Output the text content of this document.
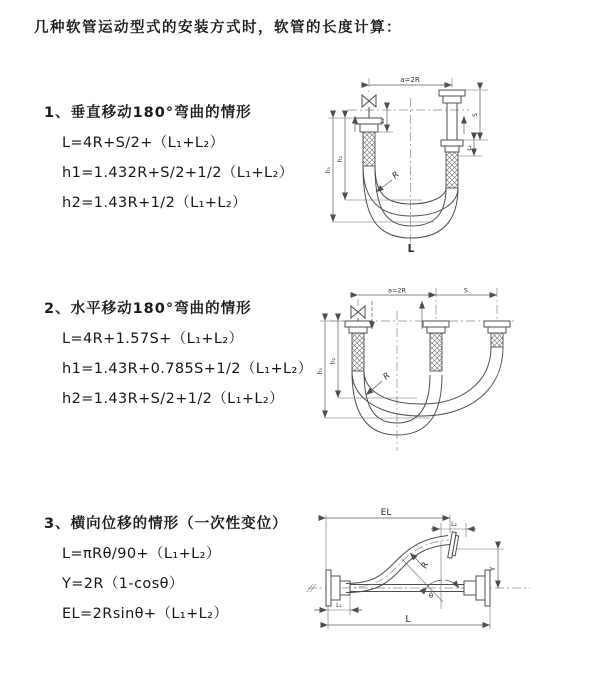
几种软管运动型式的安装方式时，软管的长度计算：
1、垂直移动180°弯曲的情形
L=4R+S/2+（L₁+L₂）
h1=1.432R+S/2+1/2（L₁+L₂）
h2=1.43R+1/2（L₁+L₂）
2、水平移动180°弯曲的情形
L=4R+1.57S+（L₁+L₂）
h1=1.43R+0.785S+1/2（L₁+L₂）
h2=1.43R+S/2+1/2（L₁+L₂）
3、横向位移的情形（一次性变位）
L=πRθ/90+（L₁+L₂）
Y=2R（1-cosθ）
EL=2Rsinθ+（L₁+L₂）
a=2R
L₁
S
L₂
h₁
h₂
R
L
a=2R	S
h₁
h₂
R
EL
L₂
θ
Y
R
L₁
L
